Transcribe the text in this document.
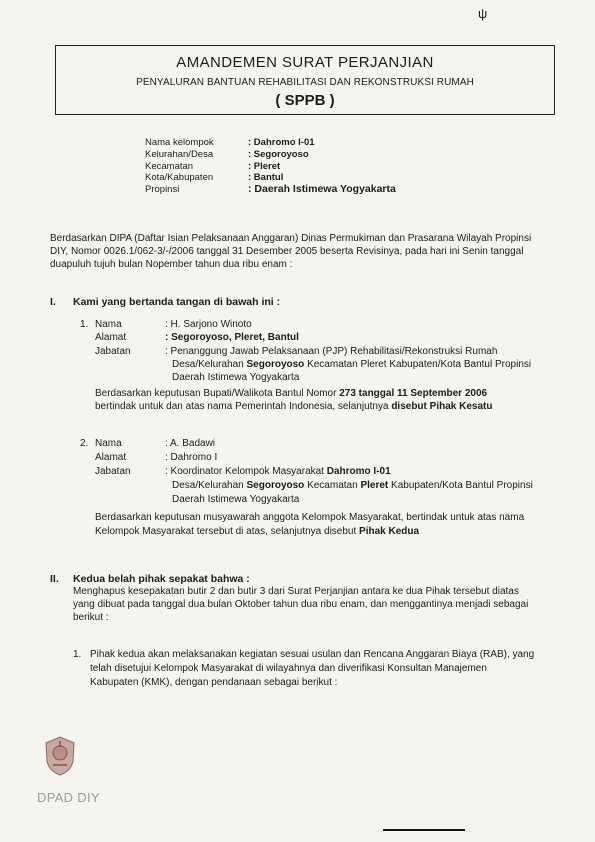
ψ
AMANDEMEN SURAT PERJANJIAN
PENYALURAN BANTUAN REHABILITASI DAN REKONSTRUKSI RUMAH
( SPPB )
Nama kelompok	: Dahromo I-01
Kelurahan/Desa	: Segoroyoso
Kecamatan	: Pleret
Kota/Kabupaten	: Bantul
Propinsi	: Daerah Istimewa Yogyakarta
Berdasarkan DIPA (Daftar Isian Pelaksanaan Anggaran) Dinas Permukiman dan Prasarana Wilayah Propinsi
DIY, Nomor 0026.1/062-3/-/2006 tanggal 31 Desember 2005 beserta Revisinya, pada hari ini Senin tanggal
duapuluh tujuh bulan Nopember tahun dua ribu enam :
I. Kami yang bertanda tangan di bawah ini :
1. Nama	: H. Sarjono Winoto
Alamat	: Segoroyoso, Pleret, Bantul
Jabatan	: Penanggung Jawab Pelaksanaan (PJP) Rehabilitasi/Rekonstruksi Rumah
Desa/Kelurahan Segoroyoso Kecamatan Pleret Kabupaten/Kota Bantul Propinsi
Daerah Istimewa Yogyakarta
Berdasarkan keputusan Bupati/Walikota Bantul Nomor 273 tanggal 11 September 2006
bertindak untuk dan atas nama Pemerintah Indonesia, selanjutnya disebut Pihak Kesatu
2. Nama	: A. Badawi
Alamat	: Dahromo I
Jabatan	: Koordinator Kelompok Masyarakat Dahromo I-01
Desa/Kelurahan Segoroyoso Kecamatan Pleret Kabupaten/Kota Bantul Propinsi
Daerah Istimewa Yogyakarta
Berdasarkan keputusan musyawarah anggota Kelompok Masyarakat, bertindak untuk atas nama
Kelompok Masyarakat tersebut di atas, selanjutnya disebut Pihak Kedua
II. Kedua belah pihak sepakat bahwa :
Menghapus kesepakatan butir 2 dan butir 3 dari Surat Perjanjian antara ke dua Pihak tersebut diatas
yang dibuat pada tanggal dua bulan Oktober tahun dua ribu enam, dan menggantinya menjadi sebagai
berikut :
1. Pihak kedua akan melaksanakan kegiatan sesuai usulan dan Rencana Anggaran Biaya (RAB), yang
telah disetujui Kelompok Masyarakat di wilayahnya dan diverifikasi Konsultan Manajemen
Kabupaten (KMK), dengan pendanaan sebagai berikut :
DPAD DIY
